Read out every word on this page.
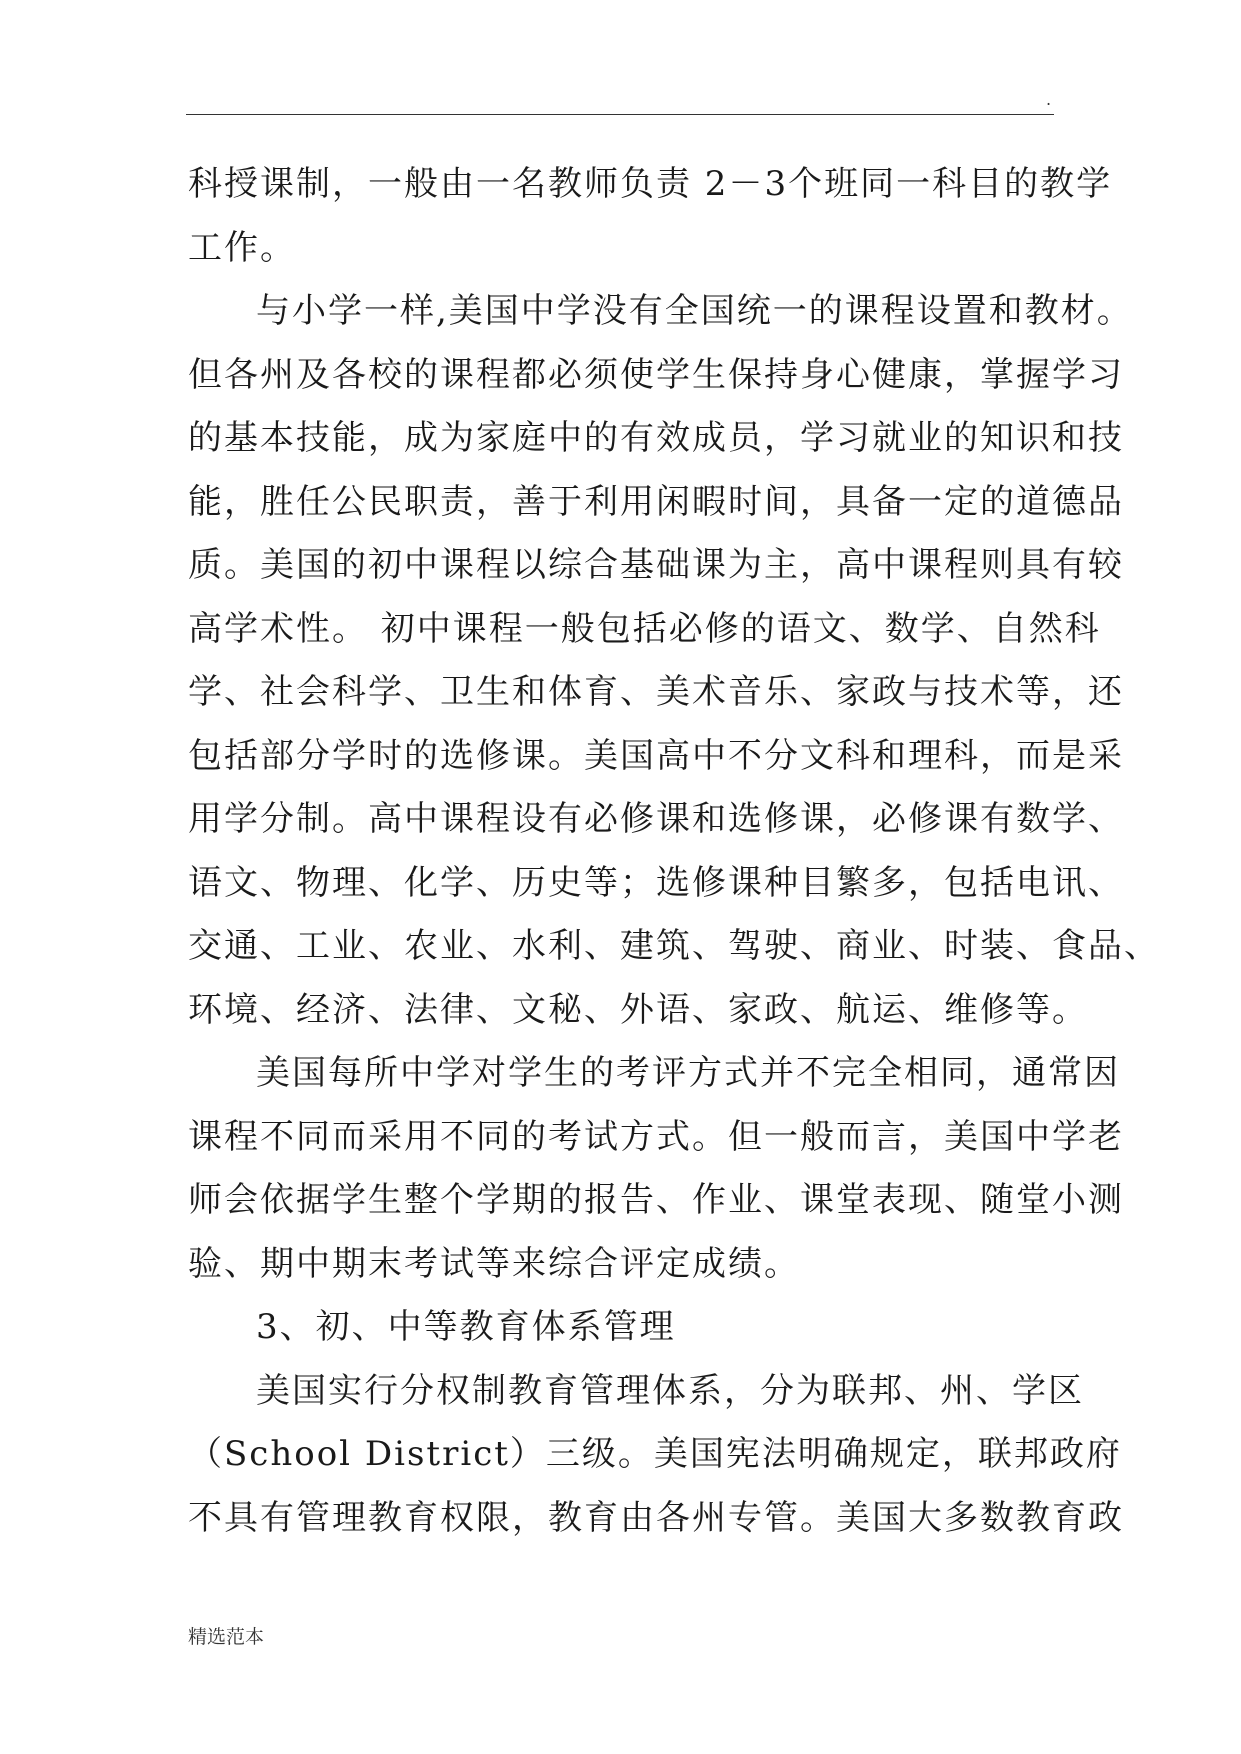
.
科授课制，一般由一名教师负责 2－3个班同一科目的教学
工作。
与小学一样,美国中学没有全国统一的课程设置和教材。
但各州及各校的课程都必须使学生保持身心健康，掌握学习
的基本技能，成为家庭中的有效成员，学习就业的知识和技
能，胜任公民职责，善于利用闲暇时间，具备一定的道德品
质。美国的初中课程以综合基础课为主，高中课程则具有较
高学术性。 初中课程一般包括必修的语文、数学、自然科
学、社会科学、卫生和体育、美术音乐、家政与技术等，还
包括部分学时的选修课。美国高中不分文科和理科，而是采
用学分制。高中课程设有必修课和选修课，必修课有数学、
语文、物理、化学、历史等；选修课种目繁多，包括电讯、
交通、工业、农业、水利、建筑、驾驶、商业、时装、食品、
环境、经济、法律、文秘、外语、家政、航运、维修等。
美国每所中学对学生的考评方式并不完全相同，通常因
课程不同而采用不同的考试方式。但一般而言，美国中学老
师会依据学生整个学期的报告、作业、课堂表现、随堂小测
验、期中期末考试等来综合评定成绩。
3、初、中等教育体系管理
美国实行分权制教育管理体系，分为联邦、州、学区
（School District）三级。美国宪法明确规定，联邦政府
不具有管理教育权限，教育由各州专管。美国大多数教育政
精选范本
